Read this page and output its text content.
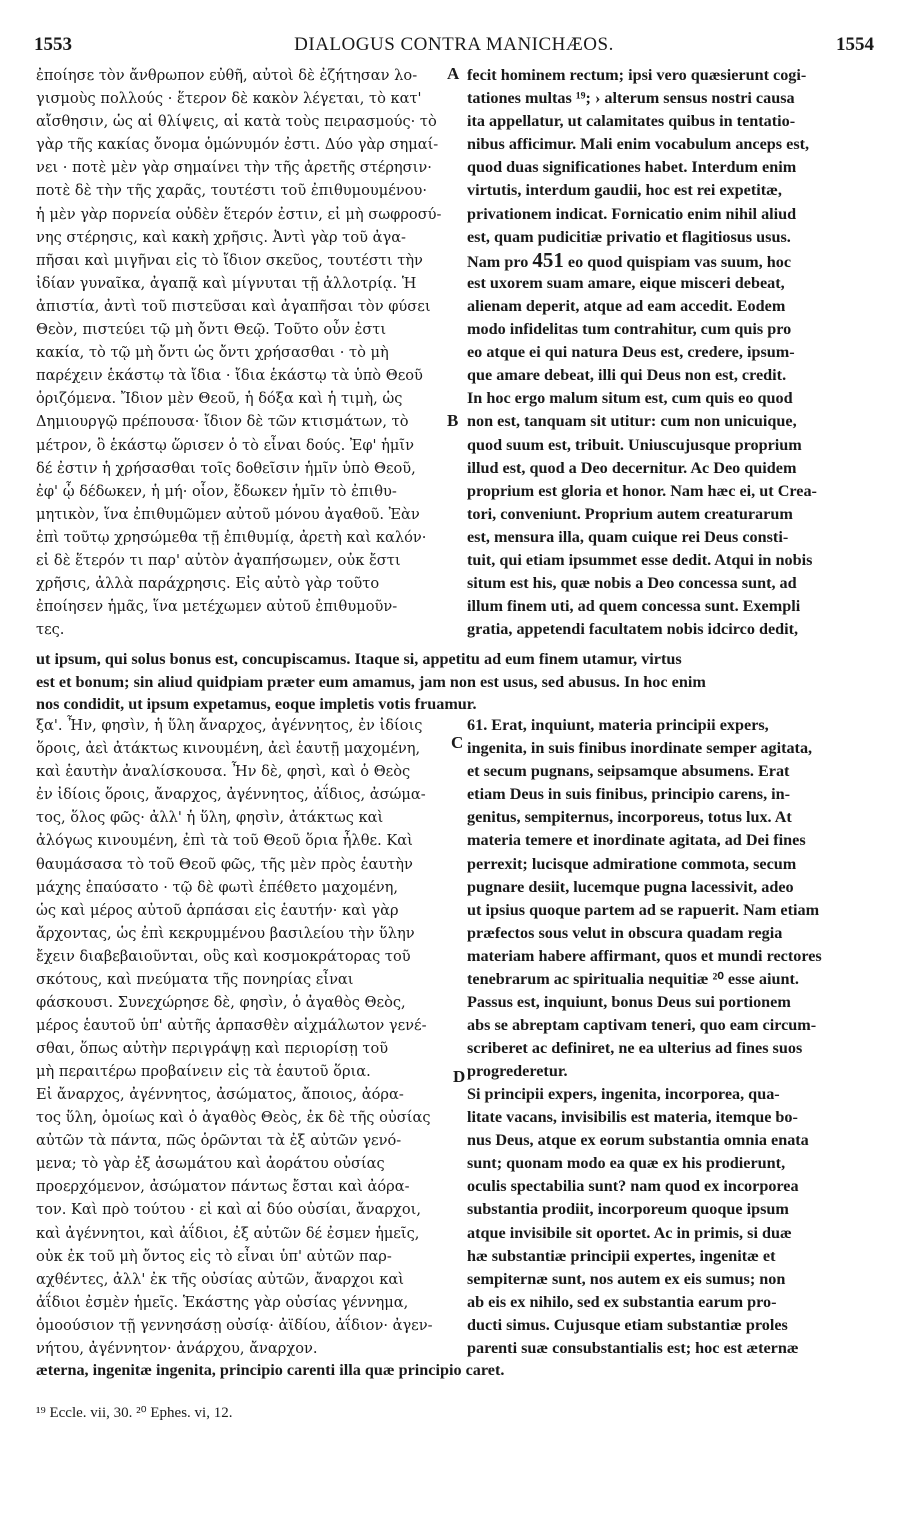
1553	DIALOGUS CONTRA MANICHÆOS.	1554
ἐποίησε τὸν ἄνθρωπον εὐθῆ, αὐτοὶ δὲ ἐζήτησαν λο-
γισμοὺς πολλούς · ἕτερον δὲ κακὸν λέγεται, τὸ κατ'
αἴσθησιν, ὡς αἱ θλίψεις, αἱ κατὰ τοὺς πειρασμούς· τὸ
γὰρ τῆς κακίας ὄνομα ὁμώνυμόν ἐστι. Δύο γὰρ σημαί-
νει · ποτὲ μὲν γὰρ σημαίνει τὴν τῆς ἀρετῆς στέρησιν·
ποτὲ δὲ τὴν τῆς χαρᾶς, τουτέστι τοῦ ἐπιθυμουμένου·
ἡ μὲν γὰρ πορνεία οὐδὲν ἕτερόν ἐστιν, εἰ μὴ σωφροσύ-
νης στέρησις, καὶ κακὴ χρῆσις. Ἀντὶ γὰρ τοῦ ἀγα-
πῆσαι καὶ μιγῆναι εἰς τὸ ἴδιον σκεῦος, τουτέστι τὴν
ἰδίαν γυναῖκα, ἀγαπᾷ καὶ μίγνυται τῇ ἀλλοτρίᾳ. Ἡ
ἀπιστία, ἀντὶ τοῦ πιστεῦσαι καὶ ἀγαπῆσαι τὸν φύσει
Θεὸν, πιστεύει τῷ μὴ ὄντι Θεῷ. Τοῦτο οὖν ἐστι
κακία, τὸ τῷ μὴ ὄντι ὡς ὄντι χρήσασθαι · τὸ μὴ
παρέχειν ἑκάστῳ τὰ ἴδια · ἴδια ἑκάστῳ τὰ ὑπὸ Θεοῦ
ὁριζόμενα. Ἴδιον μὲν Θεοῦ, ἡ δόξα καὶ ἡ τιμὴ, ὡς
Δημιουργῷ πρέπουσα· ἴδιον δὲ τῶν κτισμάτων, τὸ
μέτρον, ὃ ἑκάστῳ ὥρισεν ὁ τὸ εἶναι δούς. Ἐφ' ἡμῖν
δέ ἐστιν ἡ χρήσασθαι τοῖς δοθεῖσιν ἡμῖν ὑπὸ Θεοῦ,
ἐφ' ᾧ δέδωκεν, ἡ μή· οἷον, ἔδωκεν ἡμῖν τὸ ἐπιθυ-
μητικὸν, ἵνα ἐπιθυμῶμεν αὐτοῦ μόνου ἀγαθοῦ. Ἐὰν
ἐπὶ τοῦτῳ χρησώμεθα τῇ ἐπιθυμίᾳ, ἀρετὴ καὶ καλόν·
εἰ δὲ ἕτερόν τι παρ' αὐτὸν ἀγαπήσωμεν, οὐκ ἔστι
χρῆσις, ἀλλὰ παράχρησις. Εἰς αὐτὸ γὰρ τοῦτο
ἐποίησεν ἡμᾶς, ἵνα μετέχωμεν αὐτοῦ ἐπιθυμοῦν-
τες.
fecit hominem rectum; ipsi vero quæsierunt cogi-
tationes multas ¹⁹; › alterum sensus nostri causa
ita appellatur, ut calamitates quibus in tentatio-
nibus afficimur. Mali enim vocabulum anceps est,
quod duas significationes habet. Interdum enim
virtutis, interdum gaudii, hoc est rei expetitæ,
privationem indicat. Fornicatio enim nihil aliud
est, quam pudicitiæ privatio et flagitiosus usus.
Nam pro 451 eo quod quispiam vas suum, hoc
est uxorem suam amare, eique misceri debeat,
alienam deperit, atque ad eam accedit. Eodem
modo infidelitas tum contrahitur, cum quis pro
eo atque ei qui natura Deus est, credere, ipsum-
que amare debeat, illi qui Deus non est, credit.
In hoc ergo malum situm est, cum quis eo quod
non est, tanquam sit utitur: cum non unicuique,
quod suum est, tribuit. Uniuscujusque proprium
illud est, quod a Deo decernitur. Ac Deo quidem
proprium est gloria et honor. Nam hæc ei, ut Crea-
tori, conveniunt. Proprium autem creaturarum
est, mensura illa, quam cuique rei Deus consti-
tuit, qui etiam ipsummet esse dedit. Atqui in nobis
situm est his, quæ nobis a Deo concessa sunt, ad
illum finem uti, ad quem concessa sunt. Exempli
gratia, appetendi facultatem nobis idcirco dedit,
ut ipsum, qui solus bonus est, concupiscamus. Itaque si, appetitu ad eum finem utamur, virtus
est et bonum; sin aliud quidpiam præter eum amamus, jam non est usus, sed abusus. In hoc enim
nos condidit, ut ipsum expetamus, eoque impletis votis fruamur.
ξα'. Ἦν, φησὶν, ἡ ὕλη ἄναρχος, ἀγέννητος, ἐν ἰδίοις
ὅροις, ἀεὶ ἀτάκτως κινουμένη, ἀεὶ ἑαυτῇ μαχομένη,
καὶ ἑαυτὴν ἀναλίσκουσα. Ἦν δὲ, φησὶ, καὶ ὁ Θεὸς
ἐν ἰδίοις ὅροις, ἄναρχος, ἀγέννητος, ἀΐδιος, ἀσώμα-
τος, ὅλος φῶς· ἀλλ' ἡ ὕλη, φησὶν, ἀτάκτως καὶ
ἀλόγως κινουμένη, ἐπὶ τὰ τοῦ Θεοῦ ὅρια ἦλθε. Καὶ
θαυμάσασα τὸ τοῦ Θεοῦ φῶς, τῆς μὲν πρὸς ἑαυτὴν
μάχης ἐπαύσατο · τῷ δὲ φωτὶ ἐπέθετο μαχομένη,
ὡς καὶ μέρος αὐτοῦ ἁρπάσαι εἰς ἑαυτήν· καὶ γὰρ
ἄρχοντας, ὡς ἐπὶ κεκρυμμένου βασιλείου τὴν ὕλην
ἔχειν διαβεβαιοῦνται, οὓς καὶ κοσμοκράτορας τοῦ
σκότους, καὶ πνεύματα τῆς πονηρίας εἶναι
φάσκουσι. Συνεχώρησε δὲ, φησὶν, ὁ ἀγαθὸς Θεὸς,
μέρος ἑαυτοῦ ὑπ' αὐτῆς ἁρπασθὲν αἰχμάλωτον γενέ-
σθαι, ὅπως αὐτὴν περιγράψῃ καὶ περιορίσῃ τοῦ
μὴ περαιτέρω προβαίνειν εἰς τὰ ἑαυτοῦ ὅρια.
61. Erat, inquiunt, materia principii expers,
ingenita, in suis finibus inordinate semper agitata,
et secum pugnans, seipsamque absumens. Erat
etiam Deus in suis finibus, principio carens, in-
genitus, sempiternus, incorporeus, totus lux. At
materia temere et inordinate agitata, ad Dei fines
perrexit; lucisque admiratione commota, secum
pugnare desiit, lucemque pugna lacessivit, adeo
ut ipsius quoque partem ad se rapuerit. Nam etiam
præfectos sous velut in obscura quadam regia
materiam habere affirmant, quos et mundi rectores
tenebrarum ac spiritualia nequitiæ ²⁰ esse aiunt.
Passus est, inquiunt, bonus Deus sui portionem
abs se abreptam captivam teneri, quo eam circum-
scriberet ac definiret, ne ea ulterius ad fines suos
progrederetur.
Εἰ ἄναρχος, ἀγέννητος, ἀσώματος, ἄποιος, ἀόρα-
τος ὕλη, ὁμοίως καὶ ὁ ἀγαθὸς Θεὸς, ἐκ δὲ τῆς οὐσίας
αὐτῶν τὰ πάντα, πῶς ὁρῶνται τὰ ἐξ αὐτῶν γενό-
μενα; τὸ γὰρ ἐξ ἀσωμάτου καὶ ἀοράτου οὐσίας
προερχόμενον, ἀσώματον πάντως ἔσται καὶ ἀόρα-
τον. Καὶ πρὸ τούτου · εἰ καὶ αἱ δύο οὐσίαι, ἄναρχοι,
καὶ ἀγέννητοι, καὶ ἀΐδιοι, ἐξ αὐτῶν δέ ἐσμεν ἡμεῖς,
οὐκ ἐκ τοῦ μὴ ὄντος εἰς τὸ εἶναι ὑπ' αὐτῶν παρ-
αχθέντες, ἀλλ' ἐκ τῆς οὐσίας αὐτῶν, ἄναρχοι καὶ
ἀΐδιοι ἐσμὲν ἡμεῖς. Ἑκάστης γὰρ οὐσίας γέννημα,
ὁμοούσιον τῇ γεννησάσῃ οὐσίᾳ· ἀϊδίου, ἀΐδιον· ἀγεν-
νήτου, ἀγέννητον· ἀνάρχου, ἄναρχον.
Si principii expers, ingenita, incorporea, qua-
litate vacans, invisibilis est materia, itemque bo-
nus Deus, atque ex eorum substantia omnia enata
sunt; quonam modo ea quæ ex his prodierunt,
oculis spectabilia sunt? nam quod ex incorporea
substantia prodiit, incorporeum quoque ipsum
atque invisibile sit oportet. Ac in primis, si duæ
hæ substantiæ principii expertes, ingenitæ et
sempiternæ sunt, nos autem ex eis sumus; non
ab eis ex nihilo, sed ex substantia earum pro-
ducti simus. Cujusque etiam substantiæ proles
parenti suæ consubstantialis est; hoc est æternæ
æterna, ingenitæ ingenita, principio carenti illa quæ principio caret.
A
B
C
D
¹⁹ Eccle. vii, 30. ²⁰ Ephes. vi, 12.
